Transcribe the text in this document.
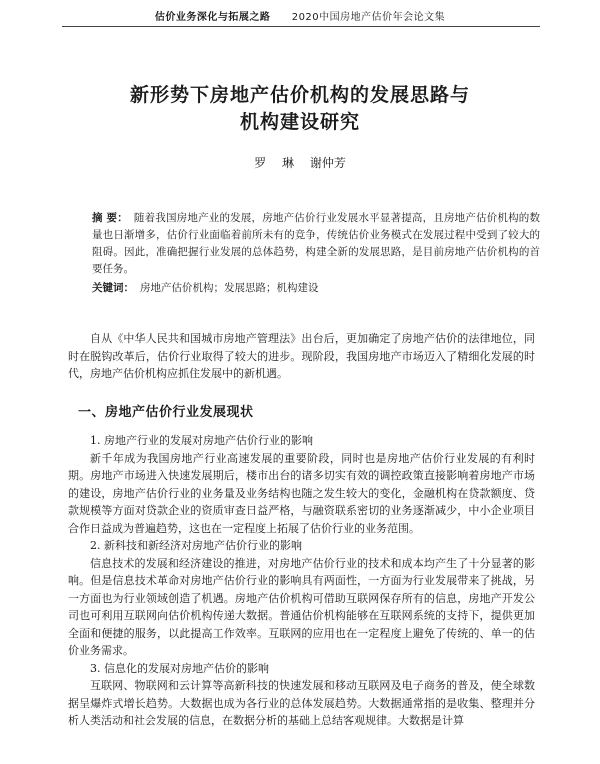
估价业务深化与拓展之路 2020中国房地产估价年会论文集
新形势下房地产估价机构的发展思路与
机构建设研究
罗 琳 谢仲芳
摘 要： 随着我国房地产业的发展，房地产估价行业发展水平显著提高，且房地产估价机构的数量也日渐增多，估价行业面临着前所未有的竞争，传统估价业务模式在发展过程中受到了较大的阻碍。因此，准确把握行业发展的总体趋势，构建全新的发展思路，是目前房地产估价机构的首要任务。
关键词： 房地产估价机构；发展思路；机构建设

自从《中华人民共和国城市房地产管理法》出台后，更加确定了房地产估价的法律地位，同时在脱钩改革后，估价行业取得了较大的进步。现阶段，我国房地产市场迈入了精细化发展的时代，房地产估价机构应抓住发展中的新机遇。

一、房地产估价行业发展现状

1. 房地产行业的发展对房地产估价行业的影响

新千年成为我国房地产行业高速发展的重要阶段，同时也是房地产估价行业发展的有利时期。房地产市场进入快速发展期后，楼市出台的诸多切实有效的调控政策直接影响着房地产市场的建设，房地产估价行业的业务量及业务结构也随之发生较大的变化，金融机构在贷款额度、贷款规模等方面对贷款企业的资质审查日益严格，与融资联系密切的业务逐渐减少，中小企业项目合作日益成为普遍趋势，这也在一定程度上拓展了估价行业的业务范围。

2. 新科技和新经济对房地产估价行业的影响

信息技术的发展和经济建设的推进，对房地产估价行业的技术和成本均产生了十分显著的影响。但是信息技术革命对房地产估价行业的影响具有两面性，一方面为行业发展带来了挑战，另一方面也为行业领域创造了机遇。房地产估价机构可借助互联网保存所有的信息，房地产开发公司也可利用互联网向估价机构传递大数据。普通估价机构能够在互联网系统的支持下，提供更加全面和便捷的服务，以此提高工作效率。互联网的应用也在一定程度上避免了传统的、单一的估价业务需求。

3. 信息化的发展对房地产估价的影响

互联网、物联网和云计算等高新科技的快速发展和移动互联网及电子商务的普及，使全球数据呈爆炸式增长趋势。大数据也成为各行业的总体发展趋势。大数据通常指的是收集、整理并分析人类活动和社会发展的信息，在数据分析的基础上总结客观规律。大数据是计算
